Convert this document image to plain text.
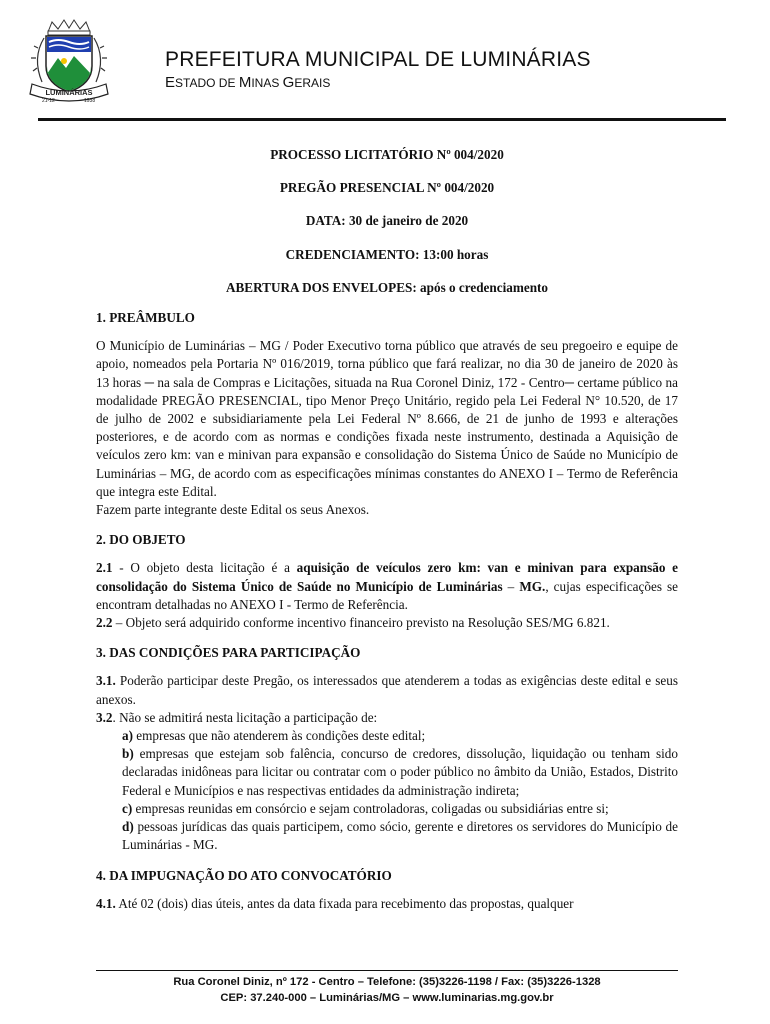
LUMINÁRIAS
21-12	1938
PREFEITURA MUNICIPAL DE LUMINÁRIAS
ESTADO DE MINAS GERAIS

PROCESSO LICITATÓRIO Nº 004/2020

PREGÃO PRESENCIAL Nº 004/2020

DATA: 30 de janeiro de 2020

CREDENCIAMENTO: 13:00 horas

ABERTURA DOS ENVELOPES: após o credenciamento

1. PREÂMBULO

O Município de Luminárias – MG / Poder Executivo torna público que através de seu pregoeiro e equipe de apoio, nomeados pela Portaria Nº 016/2019, torna público que fará realizar, no dia 30 de janeiro de 2020 às 13 horas ─ na sala de Compras e Licitações, situada na Rua Coronel Diniz, 172 - Centro─ certame público na modalidade PREGÃO PRESENCIAL, tipo Menor Preço Unitário, regido pela Lei Federal N° 10.520, de 17 de julho de 2002 e subsidiariamente pela Lei Federal Nº 8.666, de 21 de junho de 1993 e alterações posteriores, e de acordo com as normas e condições fixada neste instrumento, destinada a Aquisição de veículos zero km: van e minivan para expansão e consolidação do Sistema Único de Saúde no Município de Luminárias – MG, de acordo com as especificações mínimas constantes do ANEXO I – Termo de Referência que integra este Edital.

Fazem parte integrante deste Edital os seus Anexos.

2. DO OBJETO

2.1 - O objeto desta licitação é a aquisição de veículos zero km: van e minivan para expansão e consolidação do Sistema Único de Saúde no Município de Luminárias – MG., cujas especificações se encontram detalhadas no ANEXO I - Termo de Referência.

2.2 – Objeto será adquirido conforme incentivo financeiro previsto na Resolução SES/MG 6.821.

3. DAS CONDIÇÕES PARA PARTICIPAÇÃO

3.1. Poderão participar deste Pregão, os interessados que atenderem a todas as exigências deste edital e seus anexos.

3.2. Não se admitirá nesta licitação a participação de:

a) empresas que não atenderem às condições deste edital;

b) empresas que estejam sob falência, concurso de credores, dissolução, liquidação ou tenham sido declaradas inidôneas para licitar ou contratar com o poder público no âmbito da União, Estados, Distrito Federal e Municípios e nas respectivas entidades da administração indireta;

c) empresas reunidas em consórcio e sejam controladoras, coligadas ou subsidiárias entre si;

d) pessoas jurídicas das quais participem, como sócio, gerente e diretores os servidores do Município de Luminárias - MG.

4. DA IMPUGNAÇÃO DO ATO CONVOCATÓRIO

4.1. Até 02 (dois) dias úteis, antes da data fixada para recebimento das propostas, qualquer

Rua Coronel Diniz, nº 172 - Centro – Telefone: (35)3226-1198 / Fax: (35)3226-1328
CEP: 37.240-000 – Luminárias/MG – www.luminarias.mg.gov.br
